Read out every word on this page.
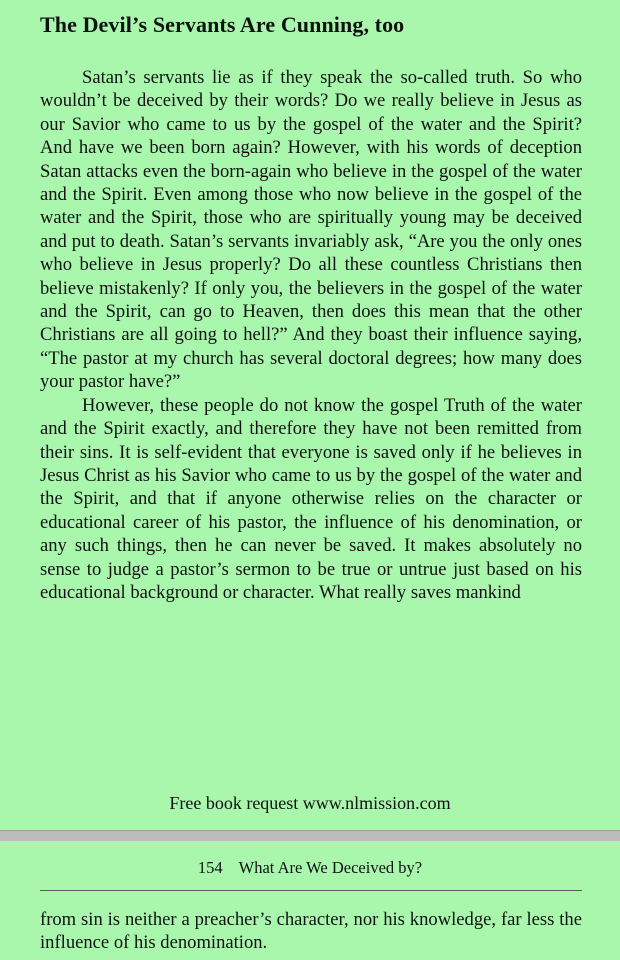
The Devil’s Servants Are Cunning, too

Satan’s servants lie as if they speak the so-called truth. So who wouldn’t be deceived by their words? Do we really believe in Jesus as our Savior who came to us by the gospel of the water and the Spirit? And have we been born again? However, with his words of deception Satan attacks even the born-again who believe in the gospel of the water and the Spirit. Even among those who now believe in the gospel of the water and the Spirit, those who are spiritually young may be deceived and put to death. Satan’s servants invariably ask, “Are you the only ones who believe in Jesus properly? Do all these countless Christians then believe mistakenly? If only you, the believers in the gospel of the water and the Spirit, can go to Heaven, then does this mean that the other Christians are all going to hell?” And they boast their influence saying, “The pastor at my church has several doctoral degrees; how many does your pastor have?”

However, these people do not know the gospel Truth of the water and the Spirit exactly, and therefore they have not been remitted from their sins. It is self-evident that everyone is saved only if he believes in Jesus Christ as his Savior who came to us by the gospel of the water and the Spirit, and that if anyone otherwise relies on the character or educational career of his pastor, the influence of his denomination, or any such things, then he can never be saved. It makes absolutely no sense to judge a pastor’s sermon to be true or untrue just based on his educational background or character. What really saves mankind

Free book request www.nlmission.com
154 What Are We Deceived by?
from sin is neither a preacher’s character, nor his knowledge, far less the influence of his denomination.
